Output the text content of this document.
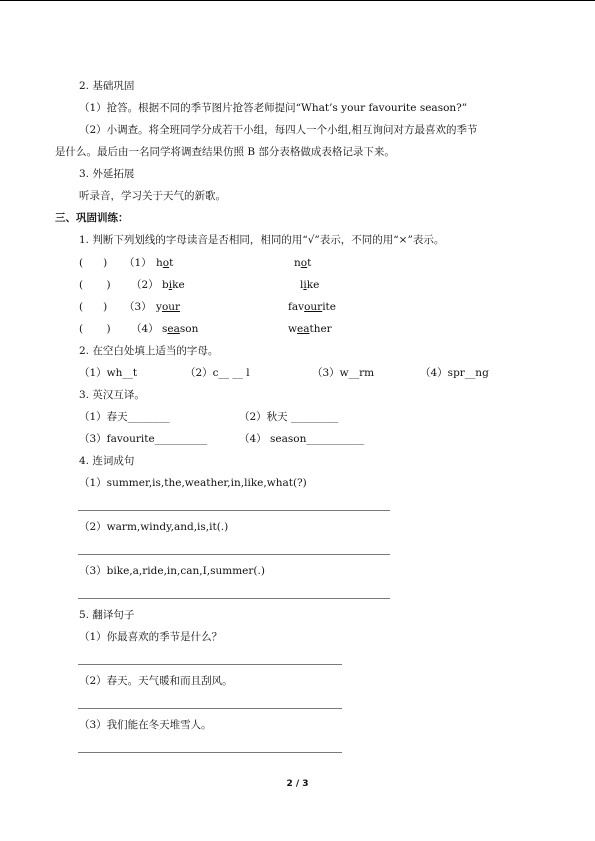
2. 基础巩固
（1）抢答。根据不同的季节图片抢答老师提问“What’s your favourite season?”
（2）小调查。将全班同学分成若干小组，每四人一个小组,相互询问对方最喜欢的季节
是什么。最后由一名同学将调查结果仿照 B 部分表格做成表格记录下来。
3. 外延拓展
听录音，学习关于天气的新歌。
三、巩固训练：
1. 判断下列划线的字母读音是否相同，相同的用“√”表示，不同的用“×”表示。
(      ) （1） hot	not
(       ) （2） bike	like
(      ) （3） your	favourite
(       ) （4） season	weather
2. 在空白处填上适当的字母。
（1）wh__t	（2）c__ __ l	（3）w__rm	（4）spr__ng
3. 英汉互译。
（1）春天________	（2）秋天 _________
（3）favourite__________	（4） season___________
4. 连词成句
（1）summer,is,the,weather,in,like,what(?)
（2）warm,windy,and,is,it(.)
（3）bike,a,ride,in,can,I,summer(.)
5. 翻译句子
（1）你最喜欢的季节是什么？
（2）春天。天气暖和而且刮风。
（3）我们能在冬天堆雪人。
2 / 3
